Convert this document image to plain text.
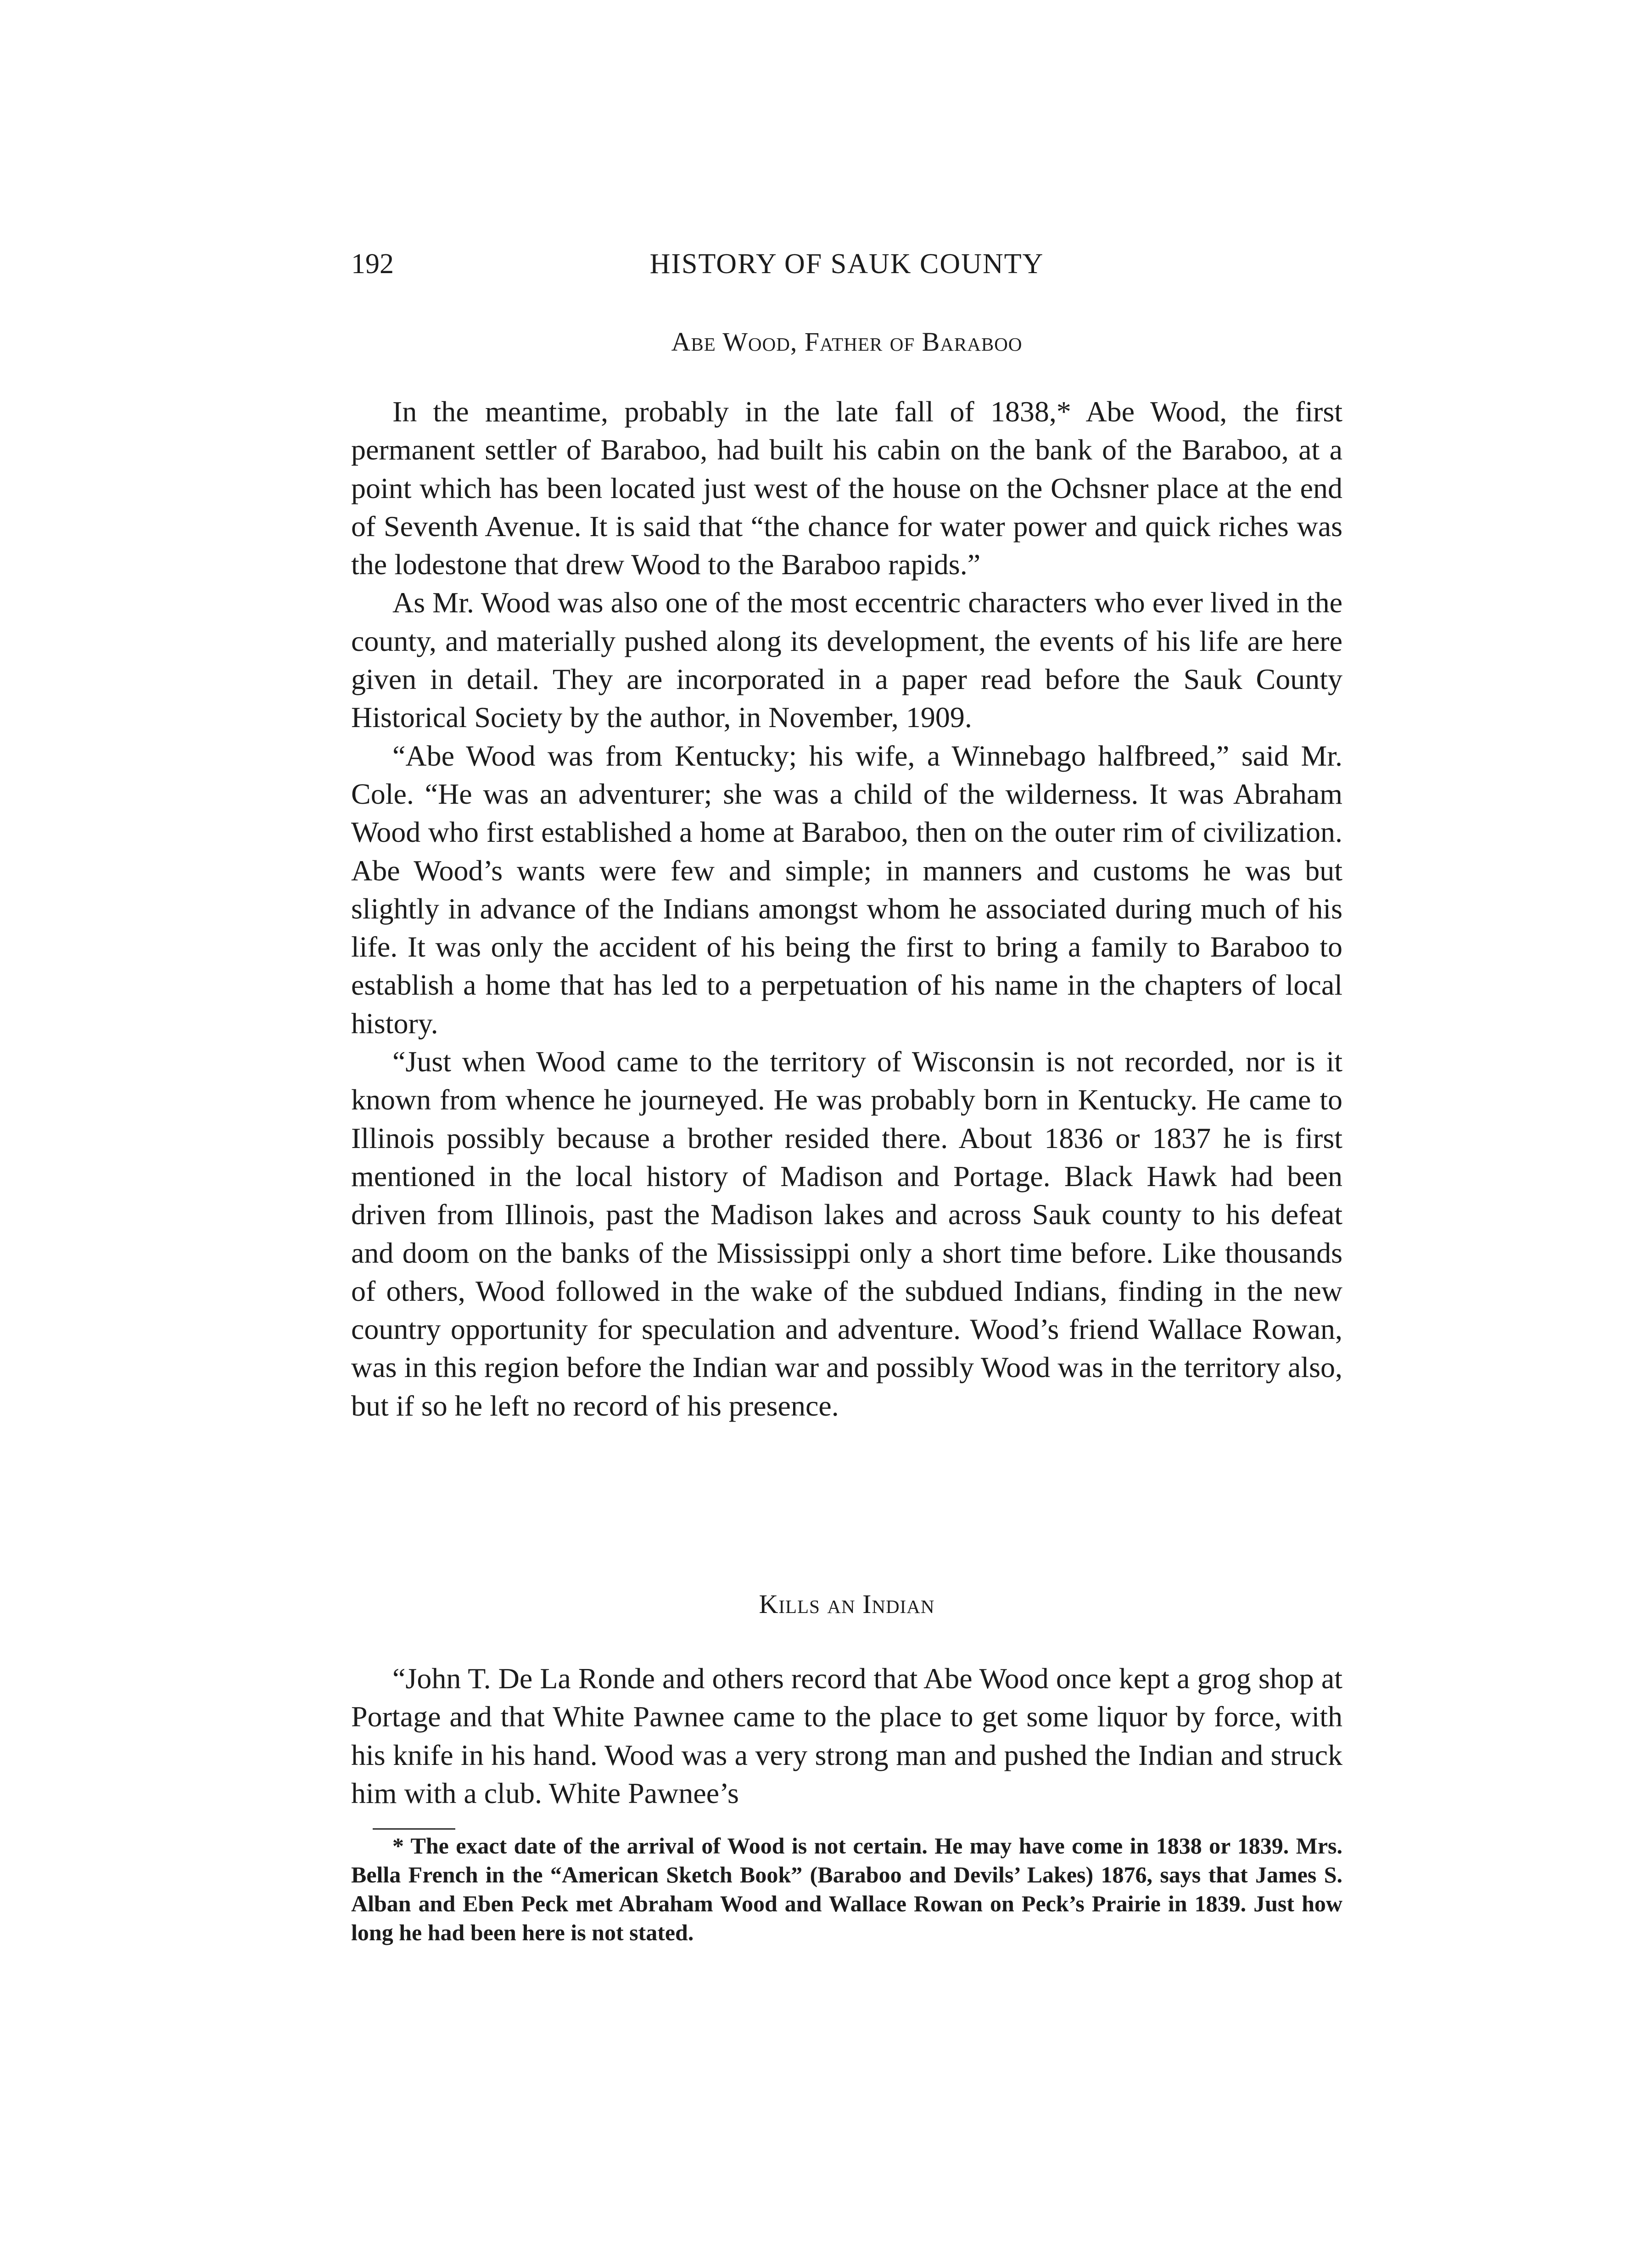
192	HISTORY OF SAUK COUNTY
Abe Wood, Father of Baraboo

In the meantime, probably in the late fall of 1838,* Abe Wood, the first permanent settler of Baraboo, had built his cabin on the bank of the Baraboo, at a point which has been located just west of the house on the Ochsner place at the end of Seventh Avenue. It is said that “the chance for water power and quick riches was the lodestone that drew Wood to the Baraboo rapids.”

As Mr. Wood was also one of the most eccentric characters who ever lived in the county, and materially pushed along its development, the events of his life are here given in detail. They are incorporated in a paper read before the Sauk County Historical Society by the author, in November, 1909.

“Abe Wood was from Kentucky; his wife, a Winnebago halfbreed,” said Mr. Cole. “He was an adventurer; she was a child of the wilderness. It was Abraham Wood who first established a home at Baraboo, then on the outer rim of civilization. Abe Wood’s wants were few and simple; in manners and customs he was but slightly in advance of the Indians amongst whom he associated during much of his life. It was only the accident of his being the first to bring a family to Baraboo to establish a home that has led to a perpetuation of his name in the chapters of local history.

“Just when Wood came to the territory of Wisconsin is not recorded, nor is it known from whence he journeyed. He was probably born in Kentucky. He came to Illinois possibly because a brother resided there. About 1836 or 1837 he is first mentioned in the local history of Madison and Portage. Black Hawk had been driven from Illinois, past the Madison lakes and across Sauk county to his defeat and doom on the banks of the Mississippi only a short time before. Like thousands of others, Wood followed in the wake of the subdued Indians, finding in the new country opportunity for speculation and adventure. Wood’s friend Wallace Rowan, was in this region before the Indian war and possibly Wood was in the territory also, but if so he left no record of his presence.

Kills an Indian

“John T. De La Ronde and others record that Abe Wood once kept a grog shop at Portage and that White Pawnee came to the place to get some liquor by force, with his knife in his hand. Wood was a very strong man and pushed the Indian and struck him with a club. White Pawnee’s

* The exact date of the arrival of Wood is not certain. He may have come in 1838 or 1839. Mrs. Bella French in the “American Sketch Book” (Baraboo and Devils’ Lakes) 1876, says that James S. Alban and Eben Peck met Abraham Wood and Wallace Rowan on Peck’s Prairie in 1839. Just how long he had been here is not stated.
